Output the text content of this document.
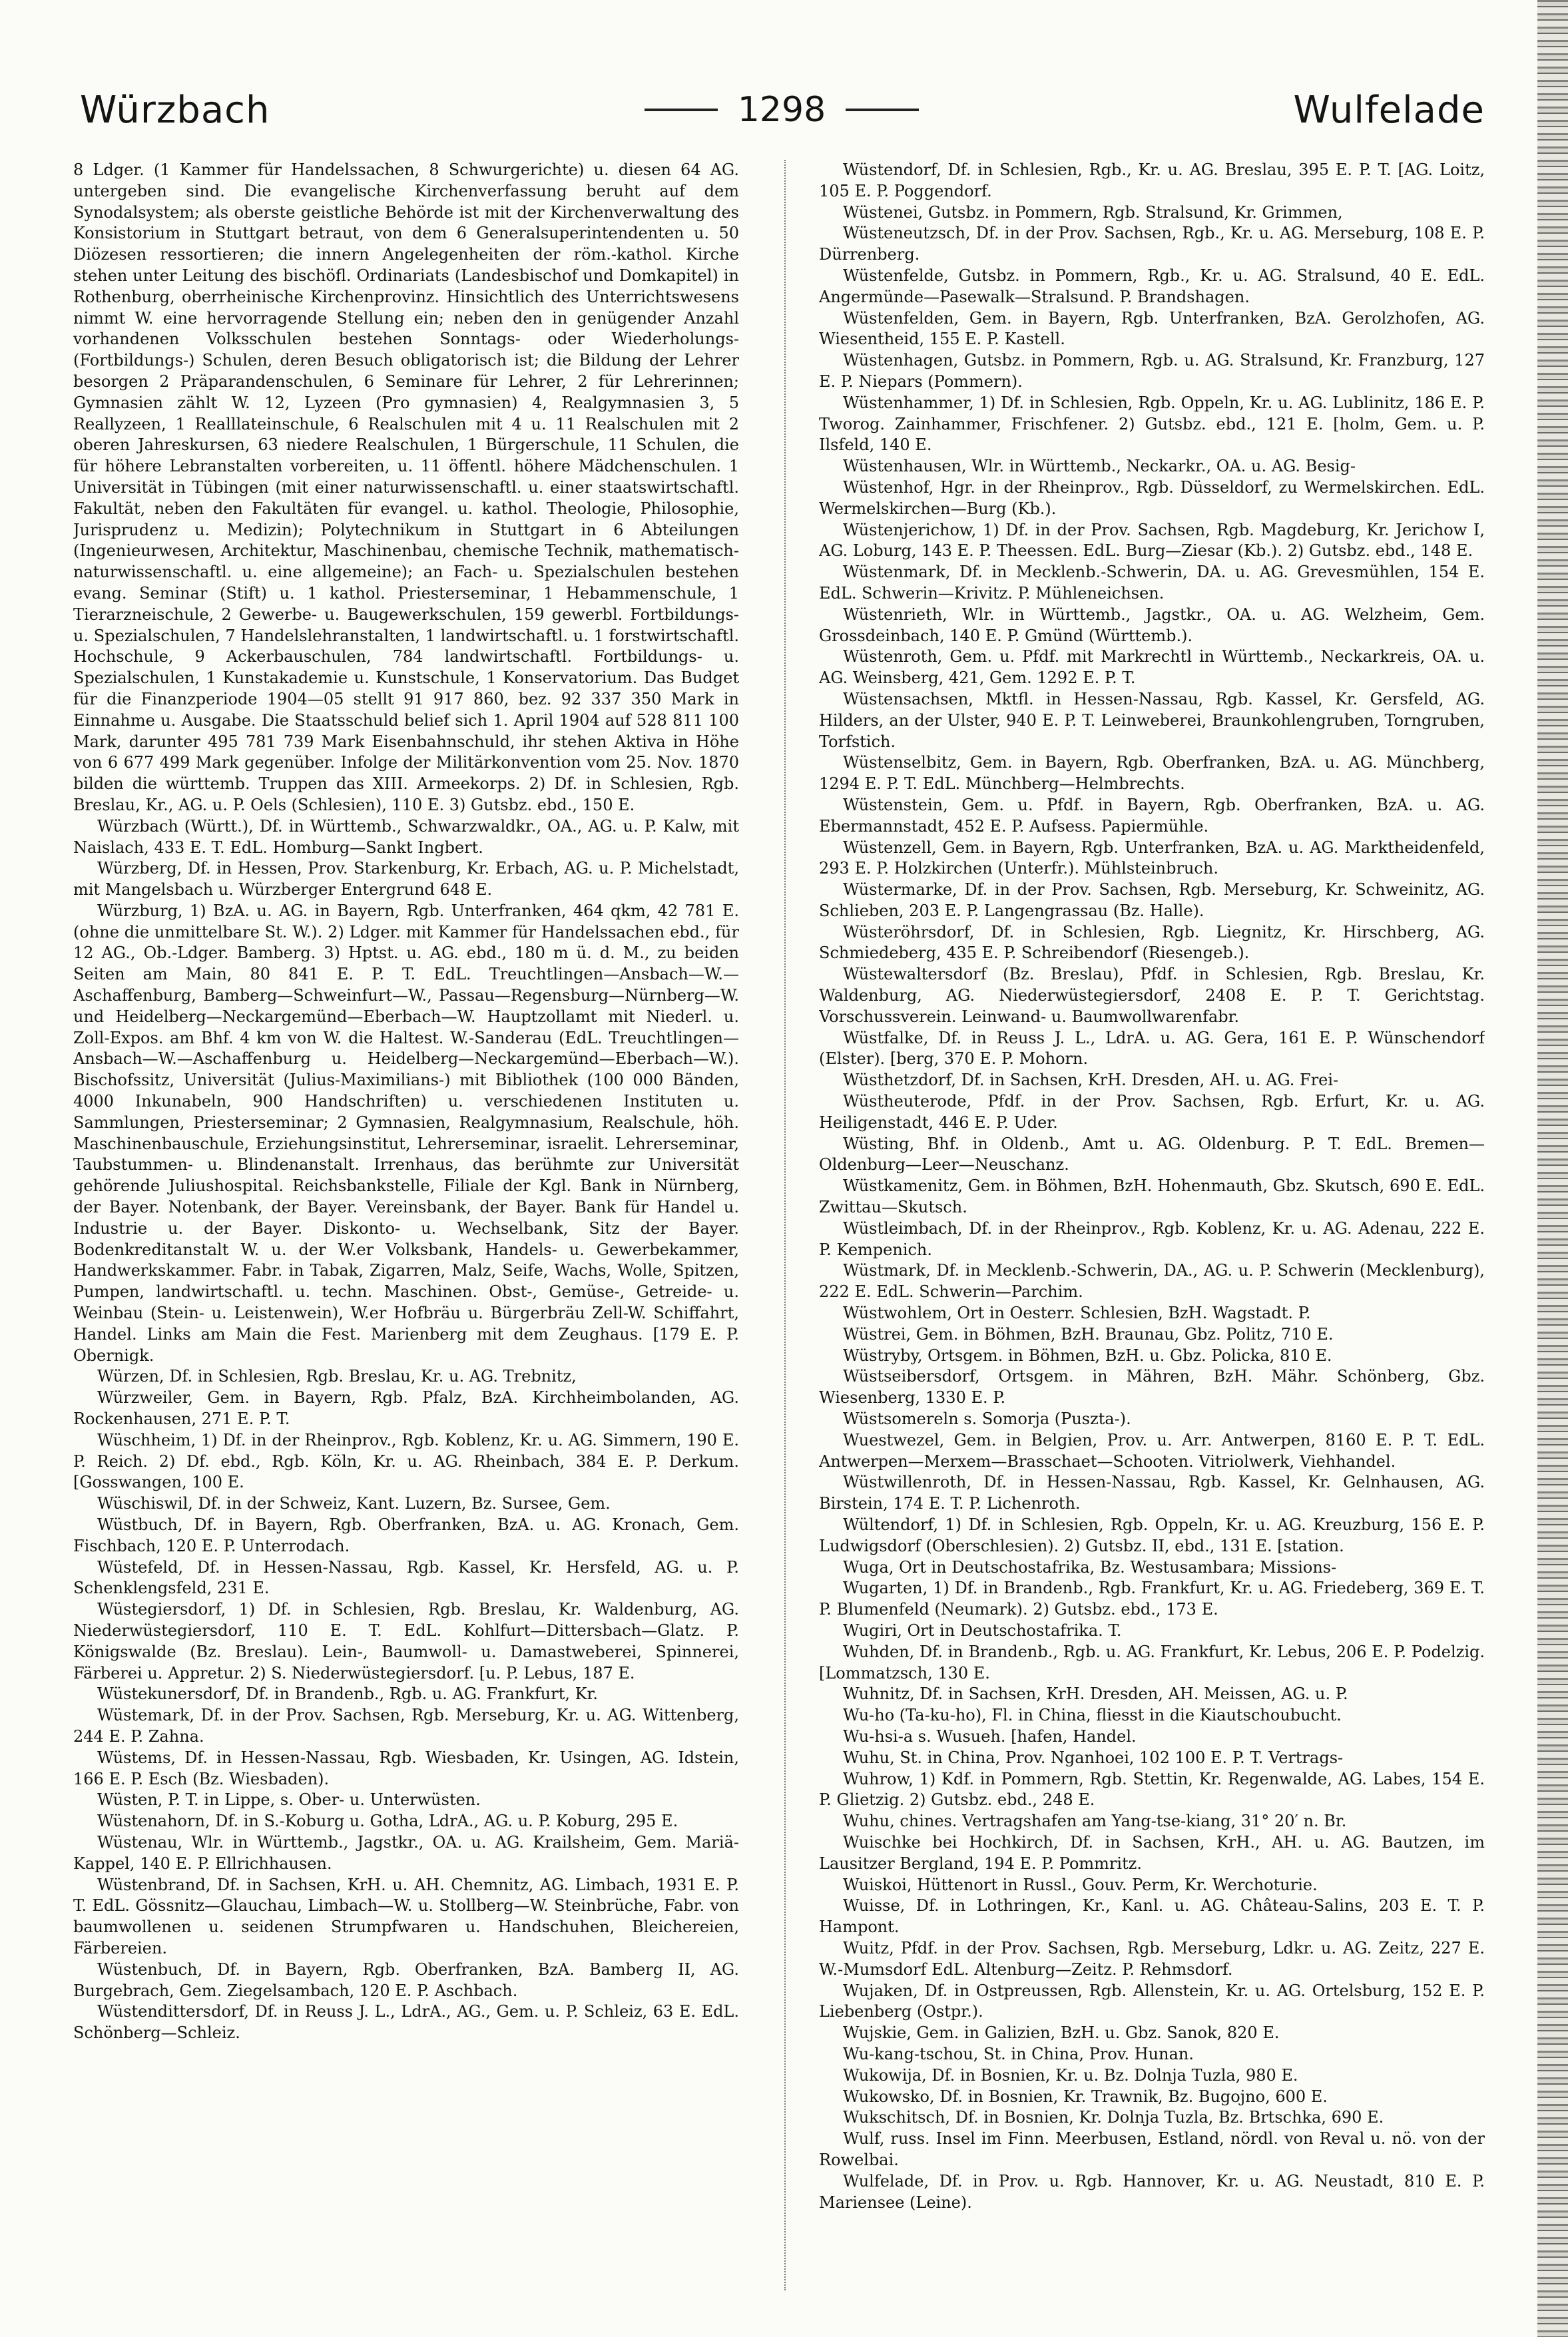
Würzbach	1298	Wulfelade

8 Ldger. (1 Kammer für Handelssachen, 8 Schwurgerichte) u. diesen 64 AG. untergeben sind. Die evangelische Kirchenverfassung beruht auf dem Synodalsystem; als oberste geistliche Behörde ist mit der Kirchenverwaltung des Konsistorium in Stuttgart betraut, von dem 6 Generalsuperintendenten u. 50 Diözesen ressortieren; die innern Angelegenheiten der röm.-kathol. Kirche stehen unter Leitung des bischöfl. Ordinariats (Landesbischof und Domkapitel) in Rothenburg, oberrheinische Kirchenprovinz. Hinsichtlich des Unterrichtswesens nimmt W. eine hervorragende Stellung ein; neben den in genügender Anzahl vorhandenen Volksschulen bestehen Sonntags- oder Wiederholungs- (Fortbildungs-) Schulen, deren Besuch obligatorisch ist; die Bildung der Lehrer besorgen 2 Präparandenschulen, 6 Seminare für Lehrer, 2 für Lehrerinnen; Gymnasien zählt W. 12, Lyzeen (Pro gymnasien) 4, Realgymnasien 3, 5 Reallyzeen, 1 Realllateinschule, 6 Realschulen mit 4 u. 11 Realschulen mit 2 oberen Jahreskursen, 63 niedere Realschulen, 1 Bürgerschule, 11 Schulen, die für höhere Lebranstalten vorbereiten, u. 11 öffentl. höhere Mädchenschulen. 1 Universität in Tübingen (mit einer naturwissenschaftl. u. einer staatswirtschaftl. Fakultät, neben den Fakultäten für evangel. u. kathol. Theologie, Philosophie, Jurisprudenz u. Medizin); Polytechnikum in Stuttgart in 6 Abteilungen (Ingenieurwesen, Architektur, Maschinenbau, chemische Technik, mathematisch-naturwissenschaftl. u. eine allgemeine); an Fach- u. Spezialschulen bestehen evang. Seminar (Stift) u. 1 kathol. Priesterseminar, 1 Hebammenschule, 1 Tierarzneischule, 2 Gewerbe- u. Baugewerkschulen, 159 gewerbl. Fortbildungs- u. Spezialschulen, 7 Handelslehranstalten, 1 landwirtschaftl. u. 1 forstwirtschaftl. Hochschule, 9 Ackerbauschulen, 784 landwirtschaftl. Fortbildungs- u. Spezialschulen, 1 Kunstakademie u. Kunstschule, 1 Konservatorium. Das Budget für die Finanzperiode 1904—05 stellt 91 917 860, bez. 92 337 350 Mark in Einnahme u. Ausgabe. Die Staatsschuld belief sich 1. April 1904 auf 528 811 100 Mark, darunter 495 781 739 Mark Eisenbahnschuld, ihr stehen Aktiva in Höhe von 6 677 499 Mark gegenüber. Infolge der Militärkonvention vom 25. Nov. 1870 bilden die württemb. Truppen das XIII. Armeekorps. 2) Df. in Schlesien, Rgb. Breslau, Kr., AG. u. P. Oels (Schlesien), 110 E. 3) Gutsbz. ebd., 150 E.

Würzbach (Württ.), Df. in Württemb., Schwarzwaldkr., OA., AG. u. P. Kalw, mit Naislach, 433 E. T. EdL. Homburg—Sankt Ingbert.

Würzberg, Df. in Hessen, Prov. Starkenburg, Kr. Erbach, AG. u. P. Michelstadt, mit Mangelsbach u. Würzberger Entergrund 648 E.

Würzburg, 1) BzA. u. AG. in Bayern, Rgb. Unterfranken, 464 qkm, 42 781 E. (ohne die unmittelbare St. W.). 2) Ldger. mit Kammer für Handelssachen ebd., für 12 AG., Ob.-Ldger. Bamberg. 3) Hptst. u. AG. ebd., 180 m ü. d. M., zu beiden Seiten am Main, 80 841 E. P. T. EdL. Treuchtlingen—Ansbach—W.—Aschaffenburg, Bamberg—Schweinfurt—W., Passau—Regensburg—Nürnberg—W. und Heidelberg—Neckargemünd—Eberbach—W. Hauptzollamt mit Niederl. u. Zoll-Expos. am Bhf. 4 km von W. die Haltest. W.-Sanderau (EdL. Treuchtlingen—Ansbach—W.—Aschaffenburg u. Heidelberg—Neckargemünd—Eberbach—W.). Bischofssitz, Universität (Julius-Maximilians-) mit Bibliothek (100 000 Bänden, 4000 Inkunabeln, 900 Handschriften) u. verschiedenen Instituten u. Sammlungen, Priesterseminar; 2 Gymnasien, Realgymnasium, Realschule, höh. Maschinenbauschule, Erziehungsinstitut, Lehrerseminar, israelit. Lehrerseminar, Taubstummen- u. Blindenanstalt. Irrenhaus, das berühmte zur Universität gehörende Juliushospital. Reichsbankstelle, Filiale der Kgl. Bank in Nürnberg, der Bayer. Notenbank, der Bayer. Vereinsbank, der Bayer. Bank für Handel u. Industrie u. der Bayer. Diskonto- u. Wechselbank, Sitz der Bayer. Bodenkreditanstalt W. u. der W.er Volksbank, Handels- u. Gewerbekammer, Handwerkskammer. Fabr. in Tabak, Zigarren, Malz, Seife, Wachs, Wolle, Spitzen, Pumpen, landwirtschaftl. u. techn. Maschinen. Obst-, Gemüse-, Getreide- u. Weinbau (Stein- u. Leistenwein), W.er Hofbräu u. Bürgerbräu Zell-W. Schiffahrt, Handel. Links am Main die Fest. Marienberg mit dem Zeughaus. [179 E. P. Obernigk.

Würzen, Df. in Schlesien, Rgb. Breslau, Kr. u. AG. Trebnitz,

Würzweiler, Gem. in Bayern, Rgb. Pfalz, BzA. Kirchheimbolanden, AG. Rockenhausen, 271 E. P. T.

Wüschheim, 1) Df. in der Rheinprov., Rgb. Koblenz, Kr. u. AG. Simmern, 190 E. P. Reich. 2) Df. ebd., Rgb. Köln, Kr. u. AG. Rheinbach, 384 E. P. Derkum. [Gosswangen, 100 E.

Wüschiswil, Df. in der Schweiz, Kant. Luzern, Bz. Sursee, Gem.

Wüstbuch, Df. in Bayern, Rgb. Oberfranken, BzA. u. AG. Kronach, Gem. Fischbach, 120 E. P. Unterrodach.

Wüstefeld, Df. in Hessen-Nassau, Rgb. Kassel, Kr. Hersfeld, AG. u. P. Schenklengsfeld, 231 E.

Wüstegiersdorf, 1) Df. in Schlesien, Rgb. Breslau, Kr. Waldenburg, AG. Niederwüstegiersdorf, 110 E. T. EdL. Kohlfurt—Dittersbach—Glatz. P. Königswalde (Bz. Breslau). Lein-, Baumwoll- u. Damastweberei, Spinnerei, Färberei u. Appretur. 2) S. Niederwüstegiersdorf. [u. P. Lebus, 187 E.

Wüstekunersdorf, Df. in Brandenb., Rgb. u. AG. Frankfurt, Kr.

Wüstemark, Df. in der Prov. Sachsen, Rgb. Merseburg, Kr. u. AG. Wittenberg, 244 E. P. Zahna.

Wüstems, Df. in Hessen-Nassau, Rgb. Wiesbaden, Kr. Usingen, AG. Idstein, 166 E. P. Esch (Bz. Wiesbaden).

Wüsten, P. T. in Lippe, s. Ober- u. Unterwüsten.

Wüstenahorn, Df. in S.-Koburg u. Gotha, LdrA., AG. u. P. Koburg, 295 E.

Wüstenau, Wlr. in Württemb., Jagstkr., OA. u. AG. Krailsheim, Gem. Mariä-Kappel, 140 E. P. Ellrichhausen.

Wüstenbrand, Df. in Sachsen, KrH. u. AH. Chemnitz, AG. Limbach, 1931 E. P. T. EdL. Gössnitz—Glauchau, Limbach—W. u. Stollberg—W. Steinbrüche, Fabr. von baumwollenen u. seidenen Strumpfwaren u. Handschuhen, Bleichereien, Färbereien.

Wüstenbuch, Df. in Bayern, Rgb. Oberfranken, BzA. Bamberg II, AG. Burgebrach, Gem. Ziegelsambach, 120 E. P. Aschbach.

Wüstendittersdorf, Df. in Reuss J. L., LdrA., AG., Gem. u. P. Schleiz, 63 E. EdL. Schönberg—Schleiz.

Wüstendorf, Df. in Schlesien, Rgb., Kr. u. AG. Breslau, 395 E. P. T. [AG. Loitz, 105 E. P. Poggendorf.

Wüstenei, Gutsbz. in Pommern, Rgb. Stralsund, Kr. Grimmen,

Wüsteneutzsch, Df. in der Prov. Sachsen, Rgb., Kr. u. AG. Merseburg, 108 E. P. Dürrenberg.

Wüstenfelde, Gutsbz. in Pommern, Rgb., Kr. u. AG. Stralsund, 40 E. EdL. Angermünde—Pasewalk—Stralsund. P. Brandshagen.

Wüstenfelden, Gem. in Bayern, Rgb. Unterfranken, BzA. Gerolzhofen, AG. Wiesentheid, 155 E. P. Kastell.

Wüstenhagen, Gutsbz. in Pommern, Rgb. u. AG. Stralsund, Kr. Franzburg, 127 E. P. Niepars (Pommern).

Wüstenhammer, 1) Df. in Schlesien, Rgb. Oppeln, Kr. u. AG. Lublinitz, 186 E. P. Tworog. Zainhammer, Frischfener. 2) Gutsbz. ebd., 121 E. [holm, Gem. u. P. Ilsfeld, 140 E.

Wüstenhausen, Wlr. in Württemb., Neckarkr., OA. u. AG. Besig-

Wüstenhof, Hgr. in der Rheinprov., Rgb. Düsseldorf, zu Wermelskirchen. EdL. Wermelskirchen—Burg (Kb.).

Wüstenjerichow, 1) Df. in der Prov. Sachsen, Rgb. Magdeburg, Kr. Jerichow I, AG. Loburg, 143 E. P. Theessen. EdL. Burg—Ziesar (Kb.). 2) Gutsbz. ebd., 148 E.

Wüstenmark, Df. in Mecklenb.-Schwerin, DA. u. AG. Grevesmühlen, 154 E. EdL. Schwerin—Krivitz. P. Mühleneichsen.

Wüstenrieth, Wlr. in Württemb., Jagstkr., OA. u. AG. Welzheim, Gem. Grossdeinbach, 140 E. P. Gmünd (Württemb.).

Wüstenroth, Gem. u. Pfdf. mit Markrechtl in Württemb., Neckarkreis, OA. u. AG. Weinsberg, 421, Gem. 1292 E. P. T.

Wüstensachsen, Mktfl. in Hessen-Nassau, Rgb. Kassel, Kr. Gersfeld, AG. Hilders, an der Ulster, 940 E. P. T. Leinweberei, Braunkohlengruben, Torngruben, Torfstich.

Wüstenselbitz, Gem. in Bayern, Rgb. Oberfranken, BzA. u. AG. Münchberg, 1294 E. P. T. EdL. Münchberg—Helmbrechts.

Wüstenstein, Gem. u. Pfdf. in Bayern, Rgb. Oberfranken, BzA. u. AG. Ebermannstadt, 452 E. P. Aufsess. Papiermühle.

Wüstenzell, Gem. in Bayern, Rgb. Unterfranken, BzA. u. AG. Marktheidenfeld, 293 E. P. Holzkirchen (Unterfr.). Mühlsteinbruch.

Wüstermarke, Df. in der Prov. Sachsen, Rgb. Merseburg, Kr. Schweinitz, AG. Schlieben, 203 E. P. Langengrassau (Bz. Halle).

Wüsteröhrsdorf, Df. in Schlesien, Rgb. Liegnitz, Kr. Hirschberg, AG. Schmiedeberg, 435 E. P. Schreibendorf (Riesengeb.).

Wüstewaltersdorf (Bz. Breslau), Pfdf. in Schlesien, Rgb. Breslau, Kr. Waldenburg, AG. Niederwüstegiersdorf, 2408 E. P. T. Gerichtstag. Vorschussverein. Leinwand- u. Baumwollwarenfabr.

Wüstfalke, Df. in Reuss J. L., LdrA. u. AG. Gera, 161 E. P. Wünschendorf (Elster). [berg, 370 E. P. Mohorn.

Wüsthetzdorf, Df. in Sachsen, KrH. Dresden, AH. u. AG. Frei-

Wüstheuterode, Pfdf. in der Prov. Sachsen, Rgb. Erfurt, Kr. u. AG. Heiligenstadt, 446 E. P. Uder.

Wüsting, Bhf. in Oldenb., Amt u. AG. Oldenburg. P. T. EdL. Bremen—Oldenburg—Leer—Neuschanz.

Wüstkamenitz, Gem. in Böhmen, BzH. Hohenmauth, Gbz. Skutsch, 690 E. EdL. Zwittau—Skutsch.

Wüstleimbach, Df. in der Rheinprov., Rgb. Koblenz, Kr. u. AG. Adenau, 222 E. P. Kempenich.

Wüstmark, Df. in Mecklenb.-Schwerin, DA., AG. u. P. Schwerin (Mecklenburg), 222 E. EdL. Schwerin—Parchim.

Wüstwohlem, Ort in Oesterr. Schlesien, BzH. Wagstadt. P.

Wüstrei, Gem. in Böhmen, BzH. Braunau, Gbz. Politz, 710 E.

Wüstryby, Ortsgem. in Böhmen, BzH. u. Gbz. Policka, 810 E.

Wüstseibersdorf, Ortsgem. in Mähren, BzH. Mähr. Schönberg, Gbz. Wiesenberg, 1330 E. P.

Wüstsomereln s. Somorja (Puszta-).

Wuestwezel, Gem. in Belgien, Prov. u. Arr. Antwerpen, 8160 E. P. T. EdL. Antwerpen—Merxem—Brasschaet—Schooten. Vitriolwerk, Viehhandel.

Wüstwillenroth, Df. in Hessen-Nassau, Rgb. Kassel, Kr. Gelnhausen, AG. Birstein, 174 E. T. P. Lichenroth.

Wültendorf, 1) Df. in Schlesien, Rgb. Oppeln, Kr. u. AG. Kreuzburg, 156 E. P. Ludwigsdorf (Oberschlesien). 2) Gutsbz. II, ebd., 131 E. [station.

Wuga, Ort in Deutschostafrika, Bz. Westusambara; Missions-

Wugarten, 1) Df. in Brandenb., Rgb. Frankfurt, Kr. u. AG. Friedeberg, 369 E. T. P. Blumenfeld (Neumark). 2) Gutsbz. ebd., 173 E.

Wugiri, Ort in Deutschostafrika. T.

Wuhden, Df. in Brandenb., Rgb. u. AG. Frankfurt, Kr. Lebus, 206 E. P. Podelzig. [Lommatzsch, 130 E.

Wuhnitz, Df. in Sachsen, KrH. Dresden, AH. Meissen, AG. u. P.

Wu-ho (Ta-ku-ho), Fl. in China, fliesst in die Kiautschoubucht.

Wu-hsi-a s. Wusueh. [hafen, Handel.

Wuhu, St. in China, Prov. Nganhoei, 102 100 E. P. T. Vertrags-

Wuhrow, 1) Kdf. in Pommern, Rgb. Stettin, Kr. Regenwalde, AG. Labes, 154 E. P. Glietzig. 2) Gutsbz. ebd., 248 E.

Wuhu, chines. Vertragshafen am Yang-tse-kiang, 31° 20′ n. Br.

Wuischke bei Hochkirch, Df. in Sachsen, KrH., AH. u. AG. Bautzen, im Lausitzer Bergland, 194 E. P. Pommritz.

Wuiskoi, Hüttenort in Russl., Gouv. Perm, Kr. Werchoturie.

Wuisse, Df. in Lothringen, Kr., Kanl. u. AG. Château-Salins, 203 E. T. P. Hampont.

Wuitz, Pfdf. in der Prov. Sachsen, Rgb. Merseburg, Ldkr. u. AG. Zeitz, 227 E. W.-Mumsdorf EdL. Altenburg—Zeitz. P. Rehmsdorf.

Wujaken, Df. in Ostpreussen, Rgb. Allenstein, Kr. u. AG. Ortelsburg, 152 E. P. Liebenberg (Ostpr.).

Wujskie, Gem. in Galizien, BzH. u. Gbz. Sanok, 820 E.

Wu-kang-tschou, St. in China, Prov. Hunan.

Wukowija, Df. in Bosnien, Kr. u. Bz. Dolnja Tuzla, 980 E.

Wukowsko, Df. in Bosnien, Kr. Trawnik, Bz. Bugojno, 600 E.

Wukschitsch, Df. in Bosnien, Kr. Dolnja Tuzla, Bz. Brtschka, 690 E.

Wulf, russ. Insel im Finn. Meerbusen, Estland, nördl. von Reval u. nö. von der Rowelbai.

Wulfelade, Df. in Prov. u. Rgb. Hannover, Kr. u. AG. Neustadt, 810 E. P. Mariensee (Leine).
